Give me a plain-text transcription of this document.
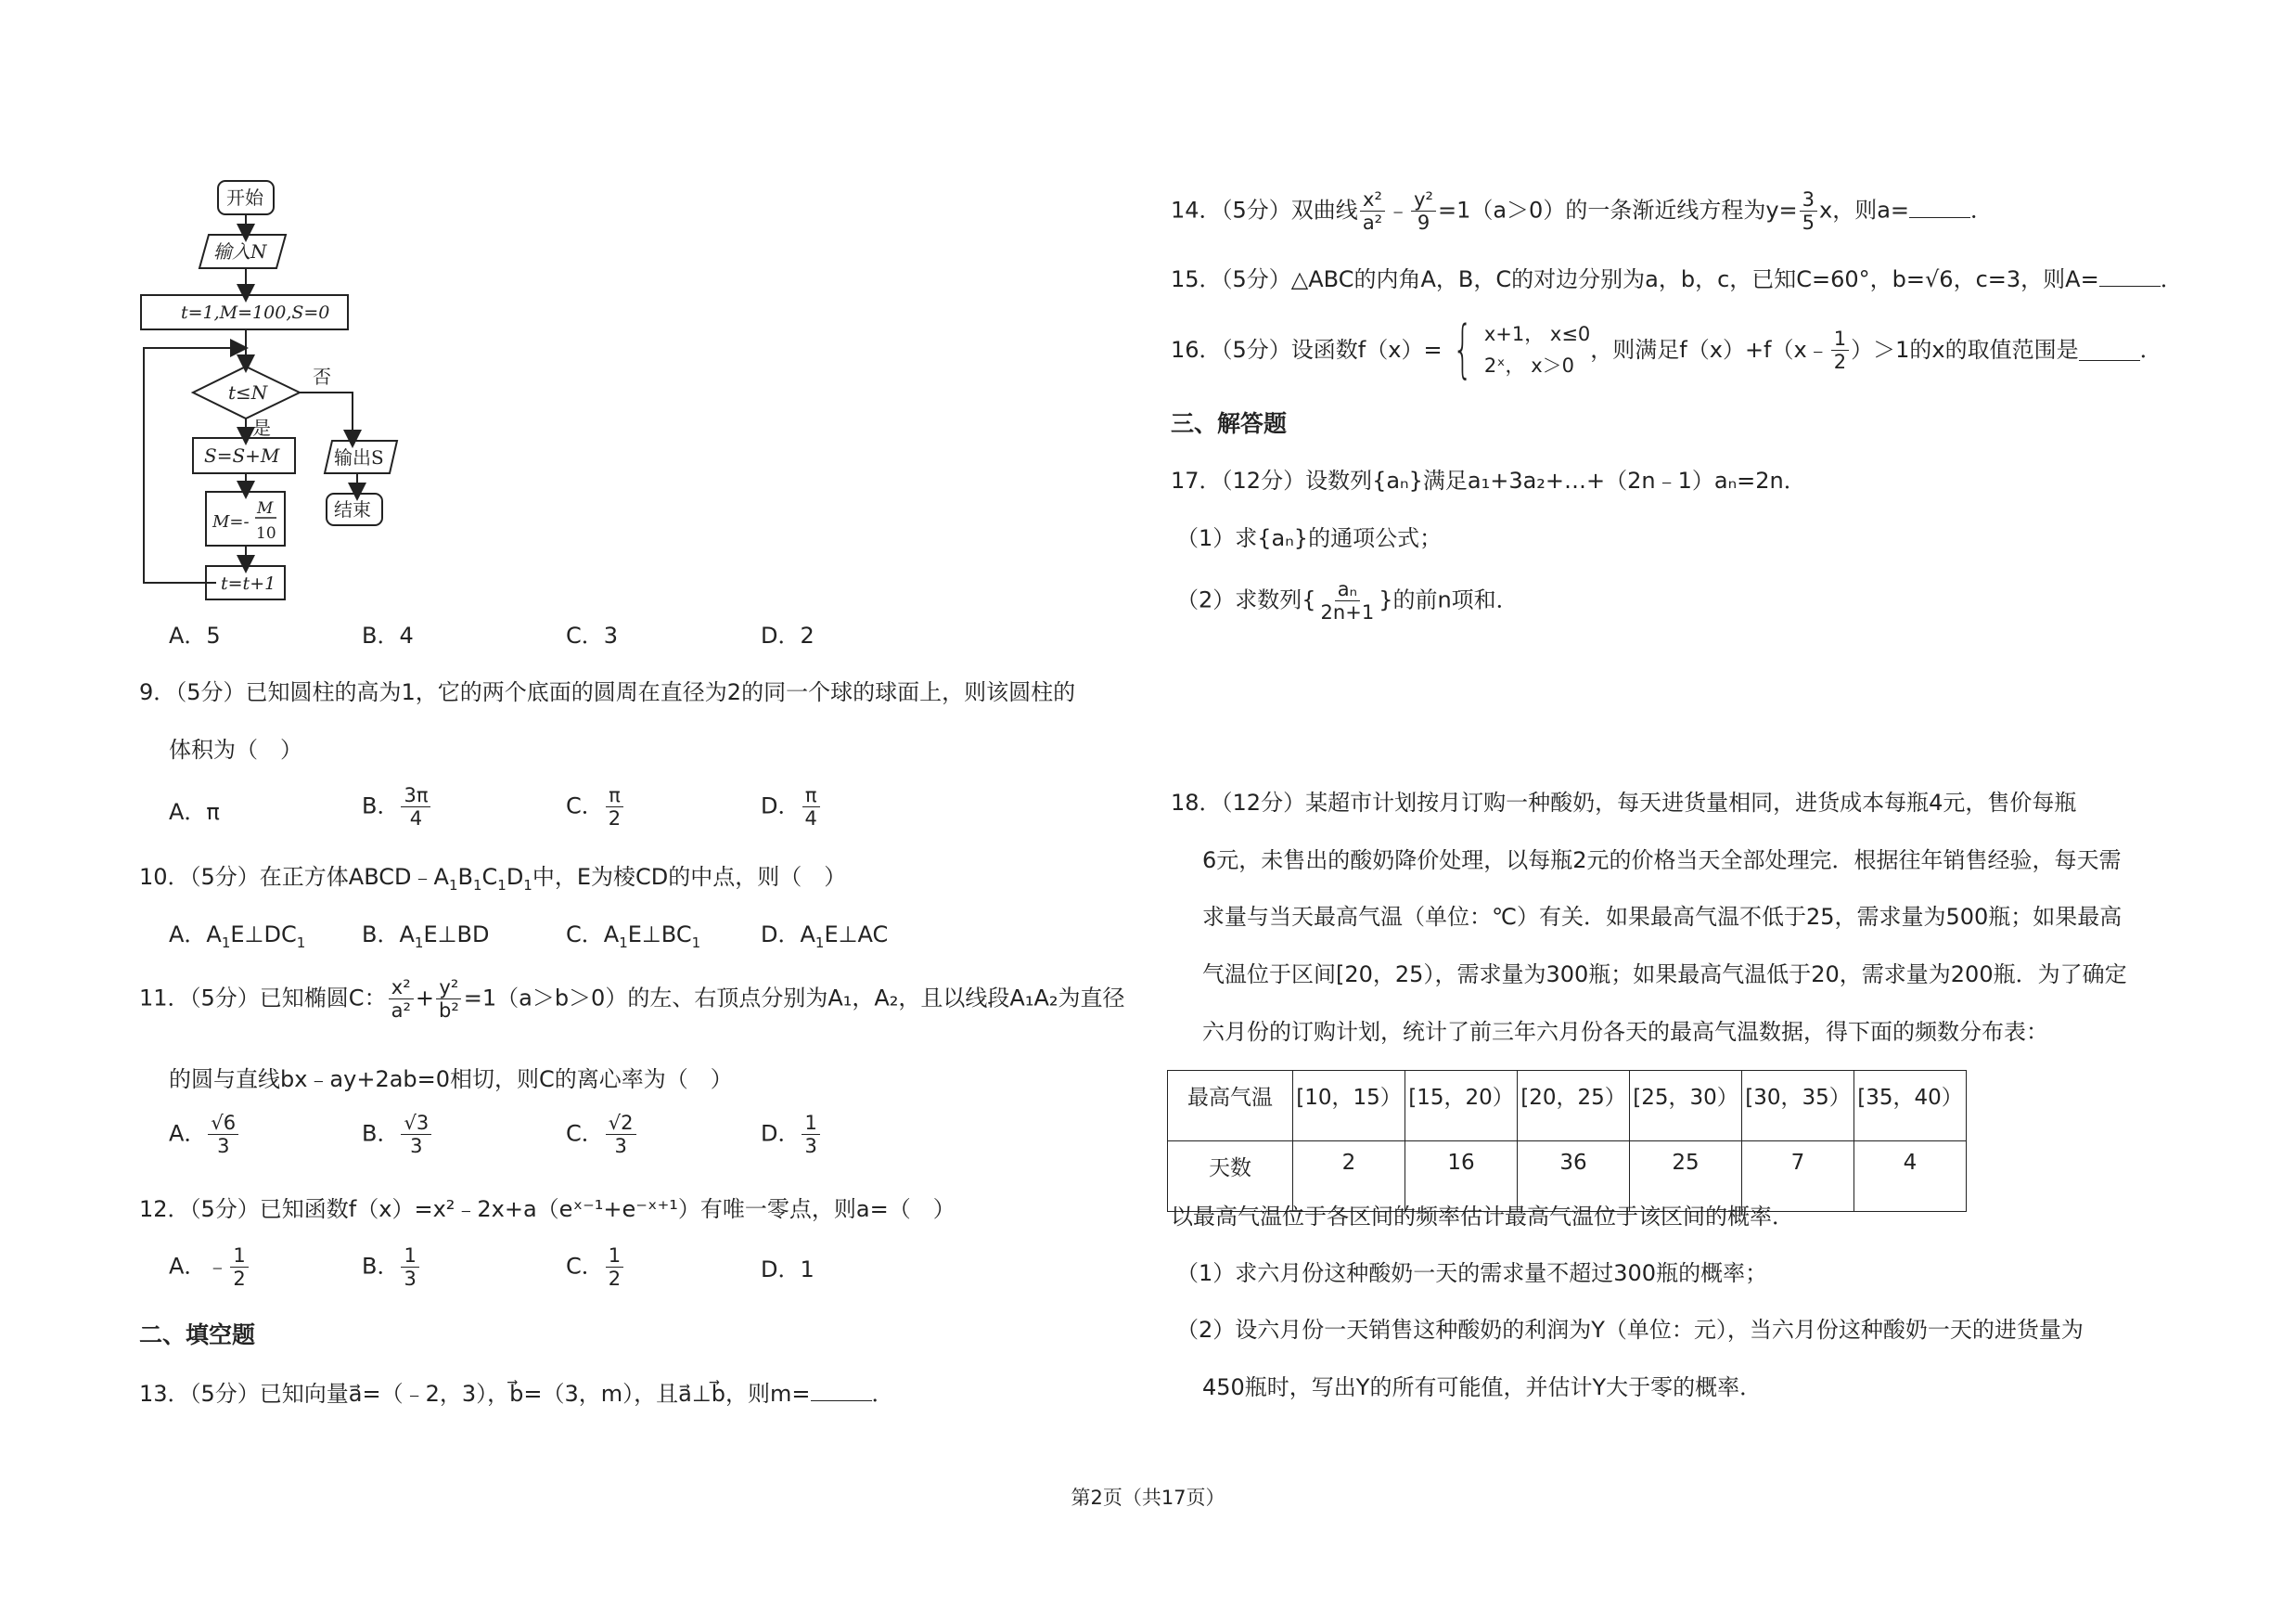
开始
输入N
t=1,M=100,S=0
t≤N
否
是
S=S+M
M=-
M
10
t=t+1
输出S
结束
A．5	B．4	C．3	D．2
9．（5分）已知圆柱的高为1，它的两个底面的圆周在直径为2的同一个球的球面上，则该圆柱的
体积为（　）
A．π	B． $\frac{3\pi}{4}$	C． $\frac{\pi}{2}$	D． $\frac{\pi}{4}$
10．（5分）在正方体$ABCD﹣A_1B_1C_1D_1$中，E为棱CD的中点，则（　）
A．$A_1E\perp DC_1$	B．$A_1E\perp BD$	C．$A_1E\perp BC_1$	D．$A_1E\perp AC$
11．（5分）已知椭圆C： $\frac{\text{x²}}{\text{a²}} + \frac{\text{y²}}{\text{b²}} =1(a>b>0)$的左、右顶点分别为A₁，A₂，且以线段A₁A₂为直径
的圆与直线bx﹣ay+2ab=0相切，则C的离心率为（　）
A． $\frac{√6}{3}$	B． $\frac{√3}{3}$	C． $\frac{√2}{3}$	D． $\frac{1}{3}$
12．（5分）已知函数f（x）=x²﹣2x+a（eˣ⁻¹+e⁻ˣ⁺¹）有唯一零点，则a=（　）
A．﹣ $\frac{1}{2}$	B． $\frac{1}{3}$	C． $\frac{1}{2}$	D．1
二、填空题
13．（5分）已知向量a⃗=（﹣2，3），b⃗=（3，m），且a⃗⊥b⃗，则m=	．
14．（5分）双曲线 $\frac{\text{x²}}{\text{a²}}$ ﹣ $\frac{\text{y²}}{9} =1(a>0)$的一条渐近线方程为$y= \frac{3}{5}$ x，则a=	．
15．（5分）△ABC的内角A，B，C的对边分别为a，b，c，已知C=60°，b=√6，c=3，则A=	．
16．（5分）设函数f（x）= { x+1， x≤0
2ˣ， x＞0
，则满足f（x）+f（x﹣ $\frac{1}{2} )>1$的x的取值范围是	．
三、解答题
17．（12分）设数列{aₙ}满足a₁+3a₂+…+（2n﹣1）aₙ=2n．
（1）求{aₙ}的通项公式；
（2）求数列{ $\frac{\text{aₙ}}{2n+1}$ }的前n项和．
18．（12分）某超市计划按月订购一种酸奶，每天进货量相同，进货成本每瓶4元，售价每瓶
6元，未售出的酸奶降价处理，以每瓶2元的价格当天全部处理完．根据往年销售经验，每天需
求量与当天最高气温（单位：℃）有关．如果最高气温不低于25，需求量为500瓶；如果最高
气温位于区间[20，25），需求量为300瓶；如果最高气温低于20，需求量为200瓶．为了确定
六月份的订购计划，统计了前三年六月份各天的最高气温数据，得下面的频数分布表：
最高气温	[10，15）	[15，20）	[20，25）	[25，30）	[30，35）	[35，40）
天数	2	16	36	25	7	4
以最高气温位于各区间的频率估计最高气温位于该区间的概率．
（1）求六月份这种酸奶一天的需求量不超过300瓶的概率；
（2）设六月份一天销售这种酸奶的利润为Y（单位：元），当六月份这种酸奶一天的进货量为
450瓶时，写出Y的所有可能值，并估计Y大于零的概率．
第2页（共17页）
